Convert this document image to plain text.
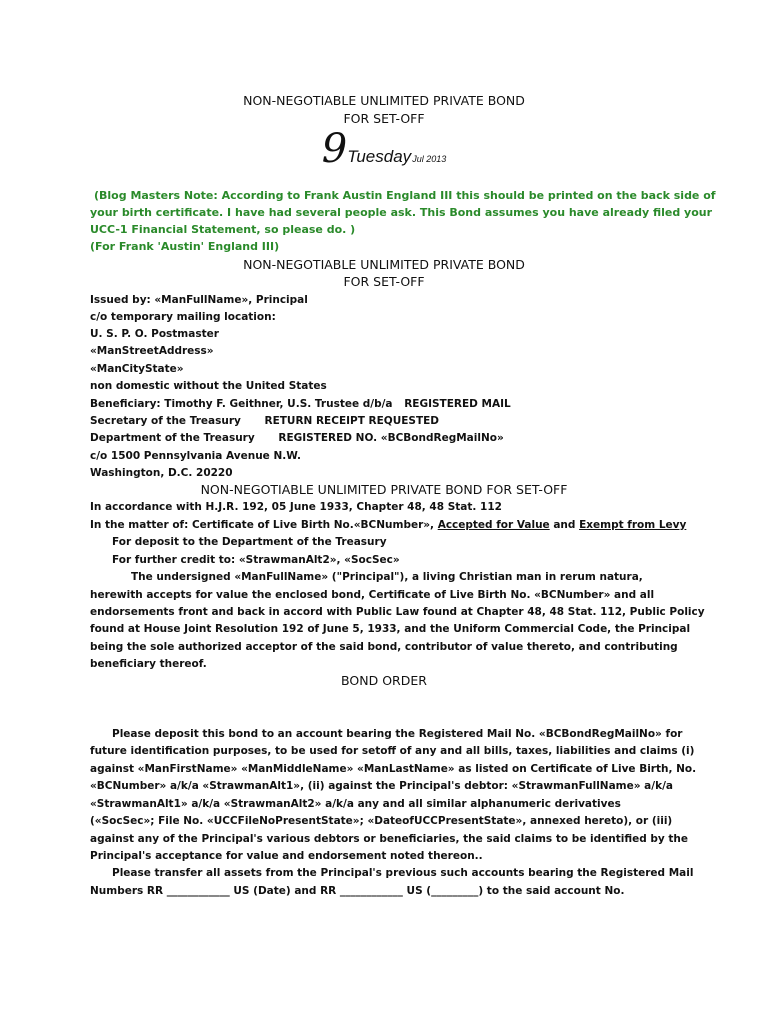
NON-NEGOTIABLE UNLIMITED PRIVATE BOND
FOR SET-OFF
9TuesdayJul 2013
(Blog Masters Note: According to Frank Austin England III this should be printed on the back side of
your birth certificate. I have had several people ask. This Bond assumes you have already filed your
UCC-1 Financial Statement, so please do. )
(For Frank 'Austin' England III)
NON-NEGOTIABLE UNLIMITED PRIVATE BOND
FOR SET-OFF
Issued by: «ManFullName», Principal
c/o temporary mailing location:
U. S. P. O. Postmaster
«ManStreetAddress»
«ManCityState»
non domestic without the United States
Beneficiary: Timothy F. Geithner, U.S. Trustee d/b/a REGISTERED MAIL
Secretary of the Treasury RETURN RECEIPT REQUESTED
Department of the Treasury REGISTERED NO. «BCBondRegMailNo»
c/o 1500 Pennsylvania Avenue N.W.
Washington, D.C. 20220
NON-NEGOTIABLE UNLIMITED PRIVATE BOND FOR SET-OFF
In accordance with H.J.R. 192, 05 June 1933, Chapter 48, 48 Stat. 112
In the matter of: Certificate of Live Birth No.«BCNumber», Accepted for Value and Exempt from Levy
For deposit to the Department of the Treasury
For further credit to: «StrawmanAlt2», «SocSec»
The undersigned «ManFullName» ("Principal"), a living Christian man in rerum natura,
herewith accepts for value the enclosed bond, Certificate of Live Birth No. «BCNumber» and all
endorsements front and back in accord with Public Law found at Chapter 48, 48 Stat. 112, Public Policy
found at House Joint Resolution 192 of June 5, 1933, and the Uniform Commercial Code, the Principal
being the sole authorized acceptor of the said bond, contributor of value thereto, and contributing
beneficiary thereof.
BOND ORDER
Please deposit this bond to an account bearing the Registered Mail No. «BCBondRegMailNo» for
future identification purposes, to be used for setoff of any and all bills, taxes, liabilities and claims (i)
against «ManFirstName» «ManMiddleName» «ManLastName» as listed on Certificate of Live Birth, No.
«BCNumber» a/k/a «StrawmanAlt1», (ii) against the Principal's debtor: «StrawmanFullName» a/k/a
«StrawmanAlt1» a/k/a «StrawmanAlt2» a/k/a any and all similar alphanumeric derivatives
(«SocSec»; File No. «UCCFileNoPresentState»; «DateofUCCPresentState», annexed hereto), or (iii)
against any of the Principal's various debtors or beneficiaries, the said claims to be identified by the
Principal's acceptance for value and endorsement noted thereon..
Please transfer all assets from the Principal's previous such accounts bearing the Registered Mail
Numbers RR ____________ US (Date) and RR ____________ US (_________) to the said account No.
